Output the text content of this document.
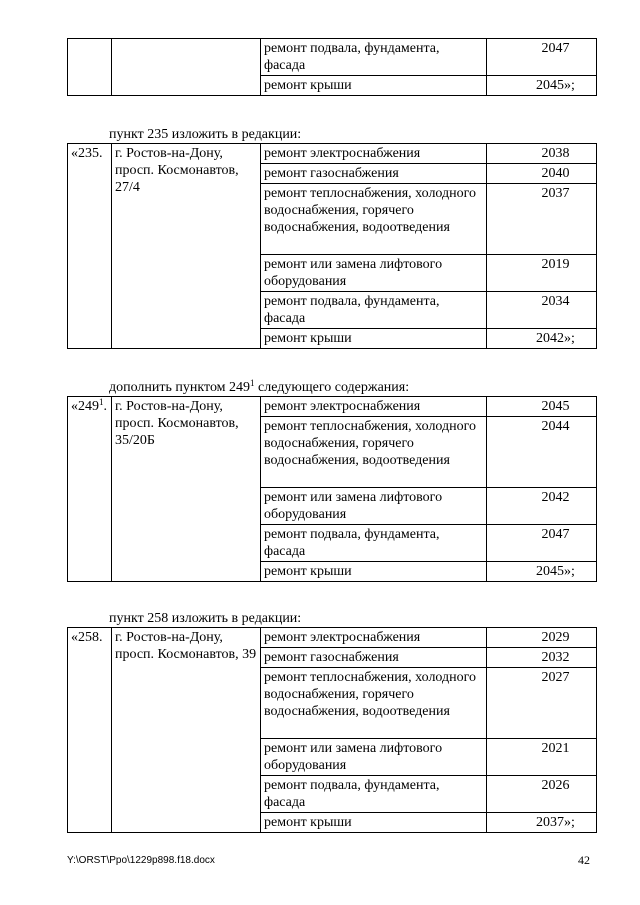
		ремонт подвала, фундамента, фасада	2047
		ремонт крыши	2045»;
пункт 235 изложить в редакции:
«235.	г. Ростов-на-Дону, просп. Космонавтов, 27/4	ремонт электроснабжения	2038
		ремонт газоснабжения	2040
		ремонт теплоснабжения, холодного водоснабжения, горячего водоснабжения, водоотведения	2037
		ремонт или замена лифтового оборудования	2019
		ремонт подвала, фундамента, фасада	2034
		ремонт крыши	2042»;
дополнить пунктом $249^1$ следующего содержания:
«$249^1$.	г. Ростов-на-Дону, просп. Космонавтов, 35/20Б	ремонт электроснабжения	2045
		ремонт теплоснабжения, холодного водоснабжения, горячего водоснабжения, водоотведения	2044
		ремонт или замена лифтового оборудования	2042
		ремонт подвала, фундамента, фасада	2047
		ремонт крыши	2045»;
пункт 258 изложить в редакции:
«258.	г. Ростов-на-Дону, просп. Космонавтов, 39	ремонт электроснабжения	2029
		ремонт газоснабжения	2032
		ремонт теплоснабжения, холодного водоснабжения, горячего водоснабжения, водоотведения	2027
		ремонт или замена лифтового оборудования	2021
		ремонт подвала, фундамента, фасада	2026
		ремонт крыши	2037»;
Y:\ORST\Ppo\1229p898.f18.docx	42
